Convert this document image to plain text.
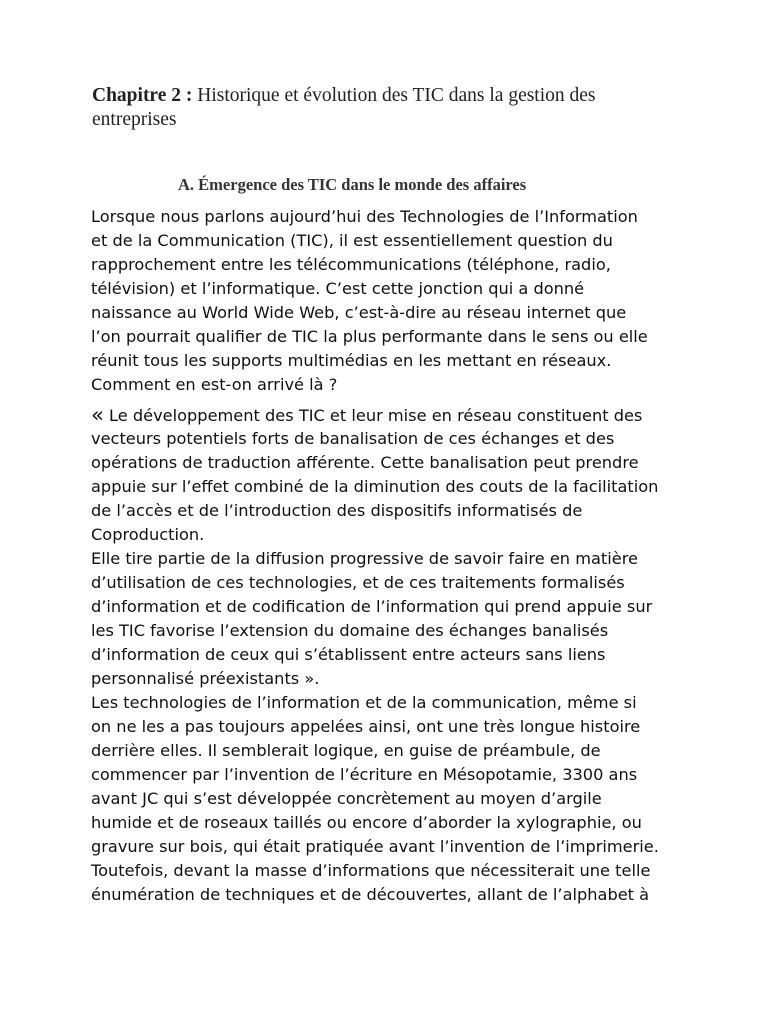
Chapitre 2 : Historique et évolution des TIC dans la gestion des
entreprises
A. Émergence des TIC dans le monde des affaires
Lorsque nous parlons aujourd’hui des Technologies de l’Information
et de la Communication (TIC), il est essentiellement question du
rapprochement entre les télécommunications (téléphone, radio,
télévision) et l’informatique. C’est cette jonction qui a donné
naissance au World Wide Web, c’est-à-dire au réseau internet que
l’on pourrait qualifier de TIC la plus performante dans le sens ou elle
réunit tous les supports multimédias en les mettant en réseaux.
Comment en est-on arrivé là ?
« Le développement des TIC et leur mise en réseau constituent des
vecteurs potentiels forts de banalisation de ces échanges et des
opérations de traduction afférente. Cette banalisation peut prendre
appuie sur l’effet combiné de la diminution des couts de la facilitation
de l’accès et de l’introduction des dispositifs informatisés de
Coproduction.
Elle tire partie de la diffusion progressive de savoir faire en matière
d’utilisation de ces technologies, et de ces traitements formalisés
d’information et de codification de l’information qui prend appuie sur
les TIC favorise l’extension du domaine des échanges banalisés
d’information de ceux qui s’établissent entre acteurs sans liens
personnalisé préexistants ».
Les technologies de l’information et de la communication, même si
on ne les a pas toujours appelées ainsi, ont une très longue histoire
derrière elles. Il semblerait logique, en guise de préambule, de
commencer par l’invention de l’écriture en Mésopotamie, 3300 ans
avant JC qui s’est développée concrètement au moyen d’argile
humide et de roseaux taillés ou encore d’aborder la xylographie, ou
gravure sur bois, qui était pratiquée avant l’invention de l’imprimerie.
Toutefois, devant la masse d’informations que nécessiterait une telle
énumération de techniques et de découvertes, allant de l’alphabet à
